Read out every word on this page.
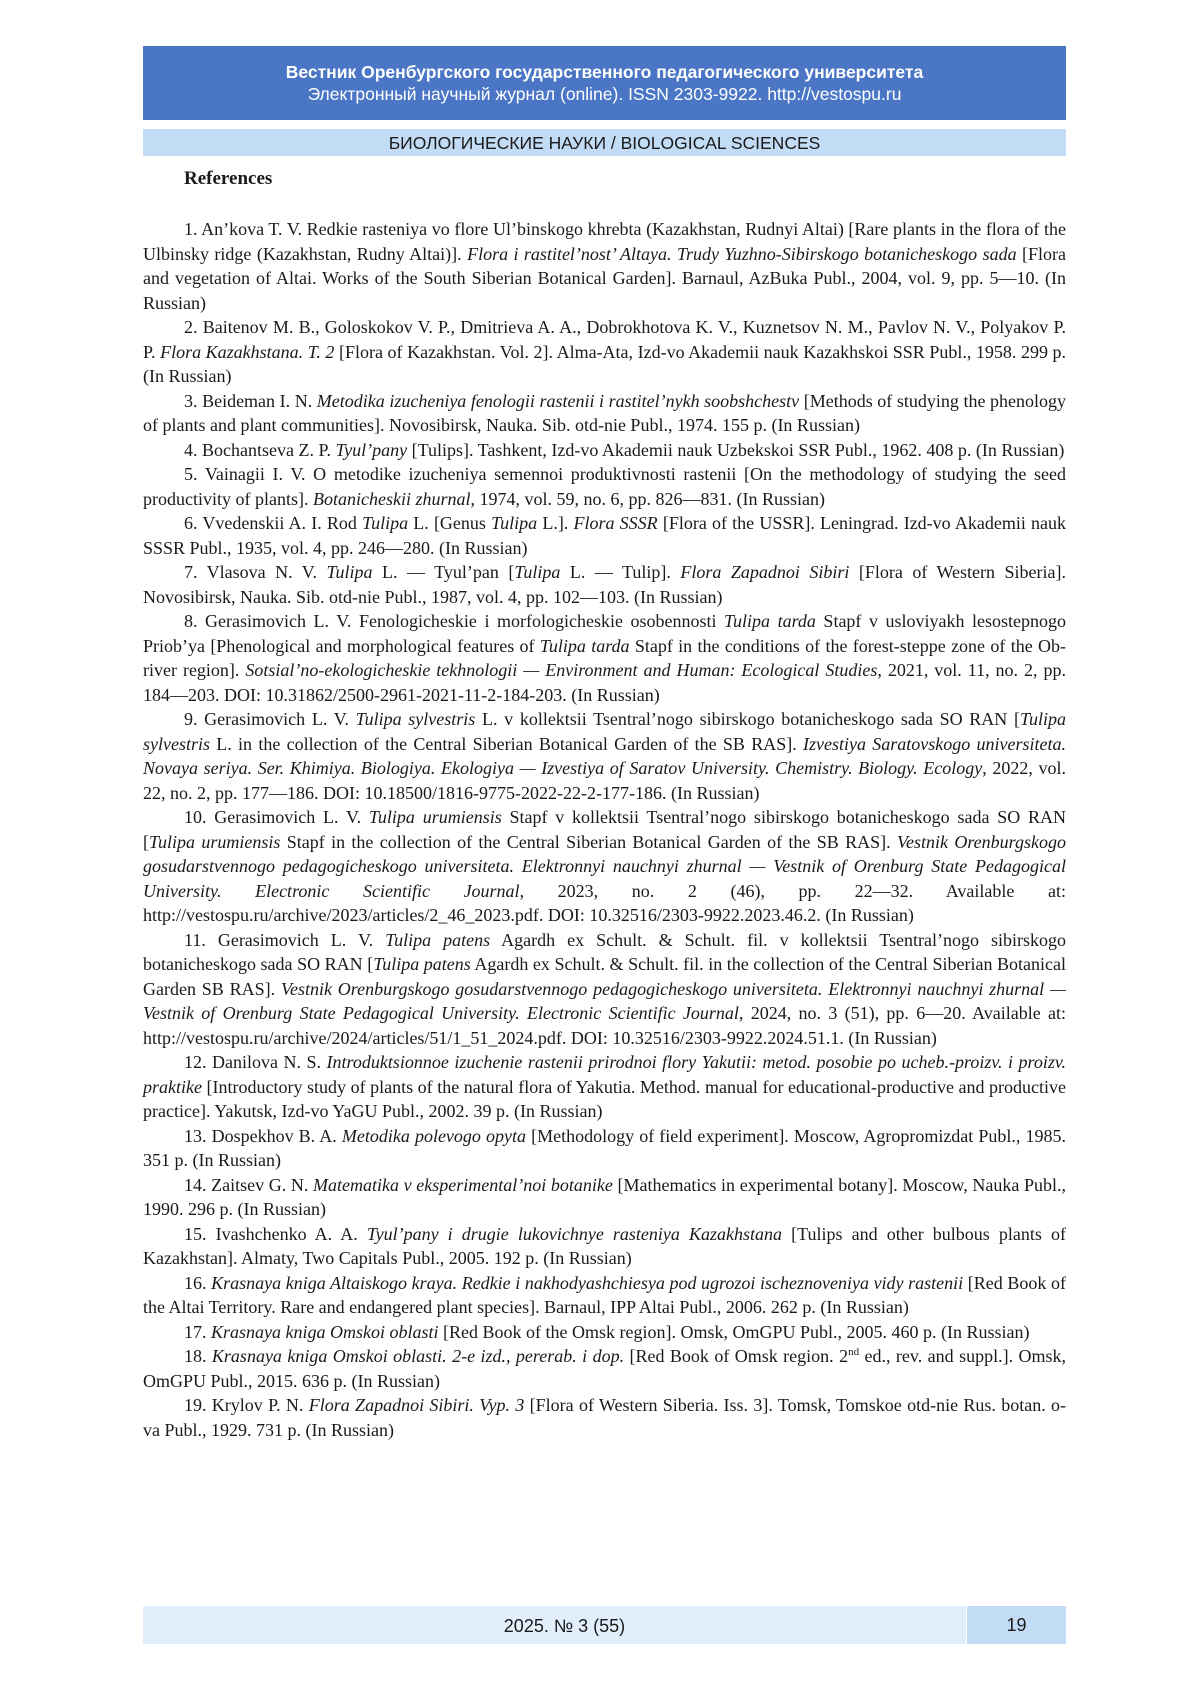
Вестник Оренбургского государственного педагогического университета
Электронный научный журнал (online). ISSN 2303-9922. http://vestospu.ru
БИОЛОГИЧЕСКИЕ НАУКИ / BIOLOGICAL SCIENCES
References

1. An’kova T. V. Redkie rasteniya vo flore Ul’binskogo khrebta (Kazakhstan, Rudnyi Altai) [Rare plants in the flora of the Ulbinsky ridge (Kazakhstan, Rudny Altai)]. Flora i rastitel’nost’ Altaya. Trudy Yuzhno-Sibirskogo botanicheskogo sada [Flora and vegetation of Altai. Works of the South Siberian Botanical Garden]. Barnaul, AzBuka Publ., 2004, vol. 9, pp. 5—10. (In Russian)

2. Baitenov M. B., Goloskokov V. P., Dmitrieva A. A., Dobrokhotova K. V., Kuznetsov N. M., Pavlov N. V., Polyakov P. P. Flora Kazakhstana. T. 2 [Flora of Kazakhstan. Vol. 2]. Alma-Ata, Izd-vo Akademii nauk Kazakhskoi SSR Publ., 1958. 299 p. (In Russian)

3. Beideman I. N. Metodika izucheniya fenologii rastenii i rastitel’nykh soobshchestv [Methods of studying the phenology of plants and plant communities]. Novosibirsk, Nauka. Sib. otd-nie Publ., 1974. 155 p. (In Russian)

4. Bochantseva Z. P. Tyul’pany [Tulips]. Tashkent, Izd-vo Akademii nauk Uzbekskoi SSR Publ., 1962. 408 p. (In Russian)

5. Vainagii I. V. O metodike izucheniya semennoi produktivnosti rastenii [On the methodology of studying the seed productivity of plants]. Botanicheskii zhurnal, 1974, vol. 59, no. 6, pp. 826—831. (In Russian)

6. Vvedenskii A. I. Rod Tulipa L. [Genus Tulipa L.]. Flora SSSR [Flora of the USSR]. Leningrad. Izd-vo Akademii nauk SSSR Publ., 1935, vol. 4, pp. 246—280. (In Russian)

7. Vlasova N. V. Tulipa L. — Tyul’pan [Tulipa L. — Tulip]. Flora Zapadnoi Sibiri [Flora of Western Siberia]. Novosibirsk, Nauka. Sib. otd-nie Publ., 1987, vol. 4, pp. 102—103. (In Russian)

8. Gerasimovich L. V. Fenologicheskie i morfologicheskie osobennosti Tulipa tarda Stapf v usloviyakh lesostepnogo Priob’ya [Phenological and morphological features of Tulipa tarda Stapf in the conditions of the forest-steppe zone of the Ob-river region]. Sotsial’no-ekologicheskie tekhnologii — Environment and Human: Ecological Studies, 2021, vol. 11, no. 2, pp. 184—203. DOI: 10.31862/2500-2961-2021-11-2-184-203. (In Russian)

9. Gerasimovich L. V. Tulipa sylvestris L. v kollektsii Tsentral’nogo sibirskogo botanicheskogo sada SO RAN [Tulipa sylvestris L. in the collection of the Central Siberian Botanical Garden of the SB RAS]. Izvestiya Saratovskogo universiteta. Novaya seriya. Ser. Khimiya. Biologiya. Ekologiya — Izvestiya of Saratov University. Chemistry. Biology. Ecology, 2022, vol. 22, no. 2, pp. 177—186. DOI: 10.18500/1816-9775-2022-22-2-177-186. (In Russian)

10. Gerasimovich L. V. Tulipa urumiensis Stapf v kollektsii Tsentral’nogo sibirskogo botanicheskogo sada SO RAN [Tulipa urumiensis Stapf in the collection of the Central Siberian Botanical Garden of the SB RAS]. Vestnik Orenburgskogo gosudarstvennogo pedagogicheskogo universiteta. Elektronnyi nauchnyi zhurnal — Vestnik of Orenburg State Pedagogical University. Electronic Scientific Journal, 2023, no. 2 (46), pp. 22—32. Available at: http://vestospu.ru/archive/2023/articles/2_46_2023.pdf. DOI: 10.32516/2303-9922.2023.46.2. (In Russian)

11. Gerasimovich L. V. Tulipa patens Agardh ex Schult. & Schult. fil. v kollektsii Tsentral’nogo sibirskogo botanicheskogo sada SO RAN [Tulipa patens Agardh ex Schult. & Schult. fil. in the collection of the Central Siberian Botanical Garden SB RAS]. Vestnik Orenburgskogo gosudarstvennogo pedagogicheskogo universiteta. Elektronnyi nauchnyi zhurnal — Vestnik of Orenburg State Pedagogical University. Electronic Scientific Journal, 2024, no. 3 (51), pp. 6—20. Available at: http://vestospu.ru/archive/2024/articles/51/1_51_2024.pdf. DOI: 10.32516/2303-9922.2024.51.1. (In Russian)

12. Danilova N. S. Introduktsionnoe izuchenie rastenii prirodnoi flory Yakutii: metod. posobie po ucheb.-proizv. i proizv. praktike [Introductory study of plants of the natural flora of Yakutia. Method. manual for educational-productive and productive practice]. Yakutsk, Izd-vo YaGU Publ., 2002. 39 p. (In Russian)

13. Dospekhov B. A. Metodika polevogo opyta [Methodology of field experiment]. Moscow, Agropromizdat Publ., 1985. 351 p. (In Russian)

14. Zaitsev G. N. Matematika v eksperimental’noi botanike [Mathematics in experimental botany]. Moscow, Nauka Publ., 1990. 296 p. (In Russian)

15. Ivashchenko A. A. Tyul’pany i drugie lukovichnye rasteniya Kazakhstana [Tulips and other bulbous plants of Kazakhstan]. Almaty, Two Capitals Publ., 2005. 192 p. (In Russian)

16. Krasnaya kniga Altaiskogo kraya. Redkie i nakhodyashchiesya pod ugrozoi ischeznoveniya vidy rastenii [Red Book of the Altai Territory. Rare and endangered plant species]. Barnaul, IPP Altai Publ., 2006. 262 p. (In Russian)

17. Krasnaya kniga Omskoi oblasti [Red Book of the Omsk region]. Omsk, OmGPU Publ., 2005. 460 p. (In Russian)

18. Krasnaya kniga Omskoi oblasti. 2-e izd., pererab. i dop. [Red Book of Omsk region. 2nd ed., rev. and suppl.]. Omsk, OmGPU Publ., 2015. 636 p. (In Russian)

19. Krylov P. N. Flora Zapadnoi Sibiri. Vyp. 3 [Flora of Western Siberia. Iss. 3]. Tomsk, Tomskoe otd-nie Rus. botan. o-va Publ., 1929. 731 p. (In Russian)

2025. № 3 (55)	19
